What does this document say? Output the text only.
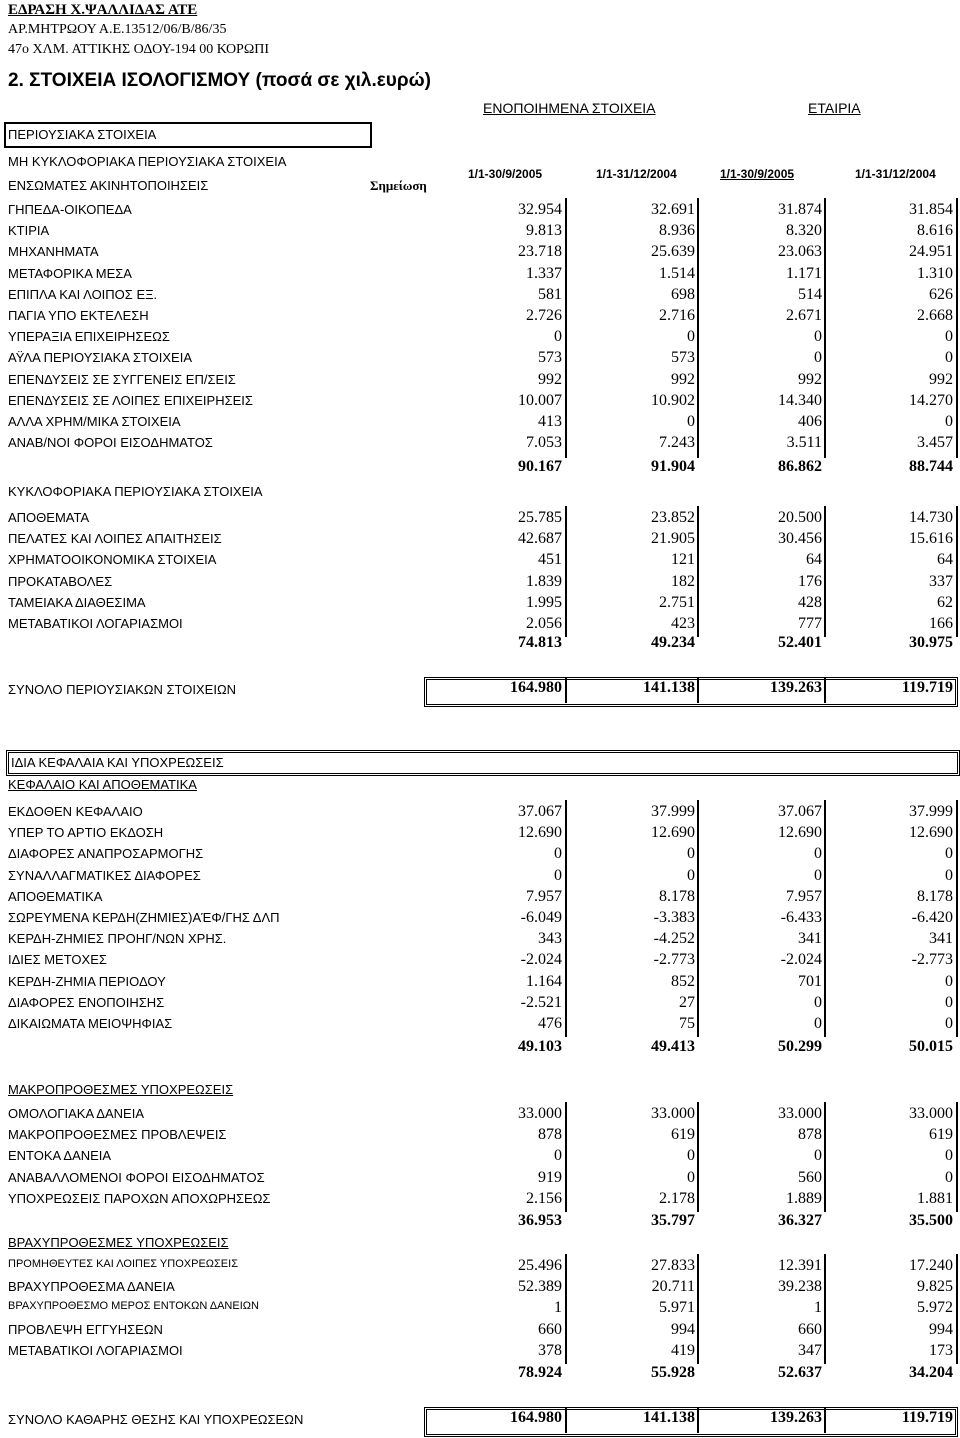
ΕΔΡΑΣΗ Χ.ΨΑΛΛΙΔΑΣ ΑΤΕ
ΑΡ.ΜΗΤΡΩΟΥ Α.Ε.13512/06/Β/86/35
47ο ΧΛΜ. ΑΤΤΙΚΗΣ ΟΔΟΥ-194 00 ΚΟΡΩΠΙ
2. ΣΤΟΙΧΕΙΑ ΙΣΟΛΟΓΙΣΜΟΥ (ποσά σε χιλ.ευρώ)
ΕΝΟΠΟΙΗΜΕΝΑ ΣΤΟΙΧΕΙΑ	ΕΤΑΙΡΙΑ
ΠΕΡΙΟΥΣΙΑΚΑ ΣΤΟΙΧΕΙΑ
ΜΗ ΚΥΚΛΟΦΟΡΙΑΚΑ ΠΕΡΙΟΥΣΙΑΚΑ ΣΤΟΙΧΕΙΑ
ΕΝΣΩΜΑΤΕΣ ΑΚΙΝΗΤΟΠΟΙΗΣΕΙΣ	Σημείωση
1/1-30/9/2005	1/1-31/12/2004	1/1-30/9/2005	1/1-31/12/2004
ΓΗΠΕΔΑ-ΟΙΚΟΠΕΔΑ	32.954	32.691	31.874	31.854
ΚΤΙΡΙΑ	9.813	8.936	8.320	8.616
ΜΗΧΑΝΗΜΑΤΑ	23.718	25.639	23.063	24.951
ΜΕΤΑΦΟΡΙΚΑ ΜΕΣΑ	1.337	1.514	1.171	1.310
ΕΠΙΠΛΑ ΚΑΙ ΛΟΙΠΟΣ ΕΞ.	581	698	514	626
ΠΑΓΙΑ ΥΠΟ ΕΚΤΕΛΕΣΗ	2.726	2.716	2.671	2.668
ΥΠΕΡΑΞΙΑ ΕΠΙΧΕΙΡΗΣΕΩΣ	0	0	0	0
ΑΫΛΑ ΠΕΡΙΟΥΣΙΑΚΑ ΣΤΟΙΧΕΙΑ	573	573	0	0
ΕΠΕΝΔΥΣΕΙΣ ΣΕ ΣΥΓΓΕΝΕΙΣ ΕΠ/ΣΕΙΣ	992	992	992	992
ΕΠΕΝΔΥΣΕΙΣ ΣΕ ΛΟΙΠΕΣ ΕΠΙΧΕΙΡΗΣΕΙΣ	10.007	10.902	14.340	14.270
ΑΛΛΑ ΧΡΗΜ/ΜΙΚΑ ΣΤΟΙΧΕΙΑ	413	0	406	0
ΑΝΑΒ/ΝΟΙ ΦΟΡΟΙ ΕΙΣΟΔΗΜΑΤΟΣ	7.053	7.243	3.511	3.457
90.167	91.904	86.862	88.744
ΚΥΚΛΟΦΟΡΙΑΚΑ ΠΕΡΙΟΥΣΙΑΚΑ ΣΤΟΙΧΕΙΑ
ΑΠΟΘΕΜΑΤΑ	25.785	23.852	20.500	14.730
ΠΕΛΑΤΕΣ ΚΑΙ ΛΟΙΠΕΣ ΑΠΑΙΤΗΣΕΙΣ	42.687	21.905	30.456	15.616
ΧΡΗΜΑΤΟΟΙΚΟΝΟΜΙΚΑ ΣΤΟΙΧΕΙΑ	451	121	64	64
ΠΡΟΚΑΤΑΒΟΛΕΣ	1.839	182	176	337
ΤΑΜΕΙΑΚΑ ΔΙΑΘΕΣΙΜΑ	1.995	2.751	428	62
ΜΕΤΑΒΑΤΙΚΟΙ ΛΟΓΑΡΙΑΣΜΟΙ	2.056	423	777	166
74.813	49.234	52.401	30.975
ΣΥΝΟΛΟ ΠΕΡΙΟΥΣΙΑΚΩΝ ΣΤΟΙΧΕΙΩΝ	164.980	141.138	139.263	119.719
ΙΔΙΑ ΚΕΦΑΛΑΙΑ ΚΑΙ ΥΠΟΧΡΕΩΣΕΙΣ
ΚΕΦΑΛΑΙΟ ΚΑΙ ΑΠΟΘΕΜΑΤΙΚΑ
ΕΚΔΟΘΕΝ ΚΕΦΑΛΑΙΟ	37.067	37.999	37.067	37.999
ΥΠΕΡ ΤΟ ΑΡΤΙΟ ΕΚΔΟΣΗ	12.690	12.690	12.690	12.690
ΔΙΑΦΟΡΕΣ ΑΝΑΠΡΟΣΑΡΜΟΓΗΣ	0	0	0	0
ΣΥΝΑΛΛΑΓΜΑΤΙΚΕΣ ΔΙΑΦΟΡΕΣ	0	0	0	0
ΑΠΟΘΕΜΑΤΙΚΑ	7.957	8.178	7.957	8.178
ΣΩΡΕΥΜΕΝΑ ΚΕΡΔΗ(ΖΗΜΙΕΣ)ΑΈΦ/ΓΗΣ ΔΛΠ	-6.049	-3.383	-6.433	-6.420
ΚΕΡΔΗ-ΖΗΜΙΕΣ ΠΡΟΗΓ/ΝΩΝ ΧΡΗΣ.	343	-4.252	341	341
ΙΔΙΕΣ ΜΕΤΟΧΕΣ	-2.024	-2.773	-2.024	-2.773
ΚΕΡΔΗ-ΖΗΜΙΑ ΠΕΡΙΟΔΟΥ	1.164	852	701	0
ΔΙΑΦΟΡΕΣ ΕΝΟΠΟΙΗΣΗΣ	-2.521	27	0	0
ΔΙΚΑΙΩΜΑΤΑ ΜΕΙΟΨΗΦΙΑΣ	476	75	0	0
49.103	49.413	50.299	50.015
ΜΑΚΡΟΠΡΟΘΕΣΜΕΣ ΥΠΟΧΡΕΩΣΕΙΣ
ΟΜΟΛΟΓΙΑΚΑ ΔΑΝΕΙΑ	33.000	33.000	33.000	33.000
ΜΑΚΡΟΠΡΟΘΕΣΜΕΣ ΠΡΟΒΛΕΨΕΙΣ	878	619	878	619
ΕΝΤΟΚΑ ΔΑΝΕΙΑ	0	0	0	0
ΑΝΑΒΑΛΛΟΜΕΝΟΙ ΦΟΡΟΙ ΕΙΣΟΔΗΜΑΤΟΣ	919	0	560	0
ΥΠΟΧΡΕΩΣΕΙΣ ΠΑΡΟΧΩΝ ΑΠΟΧΩΡΗΣΕΩΣ	2.156	2.178	1.889	1.881
36.953	35.797	36.327	35.500
ΒΡΑΧΥΠΡΟΘΕΣΜΕΣ ΥΠΟΧΡΕΩΣΕΙΣ
ΠΡΟΜΗΘΕΥΤΕΣ ΚΑΙ ΛΟΙΠΕΣ ΥΠΟΧΡΕΩΣΕΙΣ	25.496	27.833	12.391	17.240
ΒΡΑΧΥΠΡΟΘΕΣΜΑ ΔΑΝΕΙΑ	52.389	20.711	39.238	9.825
ΒΡΑΧΥΠΡΟΘΕΣΜΟ ΜΕΡΟΣ ΕΝΤΟΚΩΝ ΔΑΝΕΙΩΝ	1	5.971	1	5.972
ΠΡΟΒΛΕΨΗ ΕΓΓΥΗΣΕΩΝ	660	994	660	994
ΜΕΤΑΒΑΤΙΚΟΙ ΛΟΓΑΡΙΑΣΜΟΙ	378	419	347	173
78.924	55.928	52.637	34.204
ΣΥΝΟΛΟ ΚΑΘΑΡΗΣ ΘΕΣΗΣ ΚΑΙ ΥΠΟΧΡΕΩΣΕΩΝ	164.980	141.138	139.263	119.719
